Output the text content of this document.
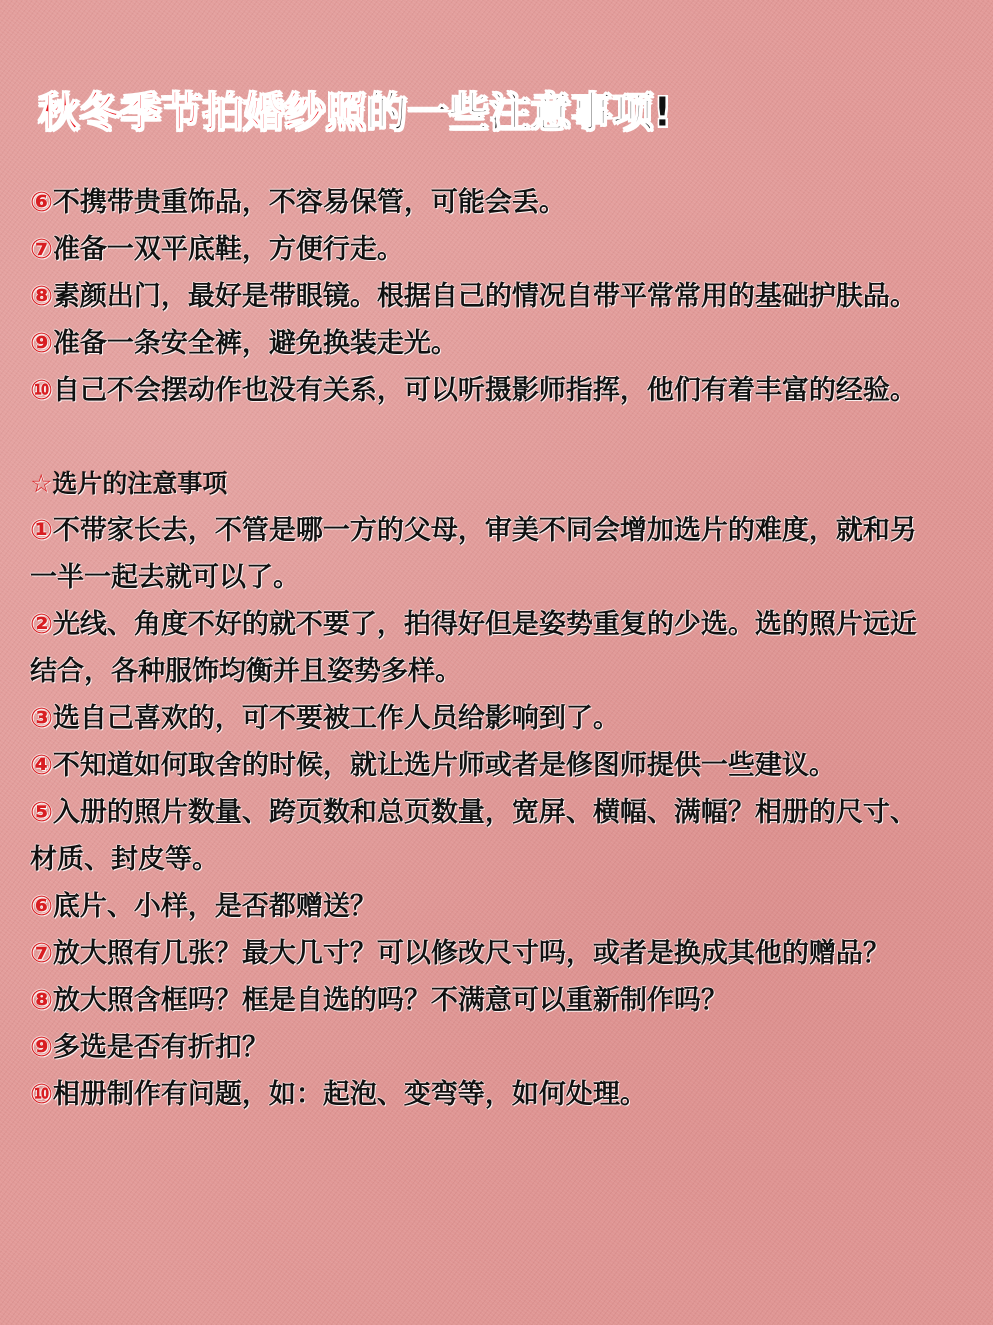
秋冬季节拍婚纱照的一些注意事项!

⑥不携带贵重饰品，不容易保管，可能会丢。

⑦准备一双平底鞋，方便行走。

⑧素颜出门，最好是带眼镜。根据自己的情况自带平常常用的基础护肤品。

⑨准备一条安全裤，避免换装走光。

⑩自己不会摆动作也没有关系，可以听摄影师指挥，他们有着丰富的经验。

☆选片的注意事项

①不带家长去，不管是哪一方的父母，审美不同会增加选片的难度，就和另一半一起去就可以了。

②光线、角度不好的就不要了，拍得好但是姿势重复的少选。选的照片远近结合，各种服饰均衡并且姿势多样。

③选自己喜欢的，可不要被工作人员给影响到了。

④不知道如何取舍的时候，就让选片师或者是修图师提供一些建议。

⑤入册的照片数量、跨页数和总页数量，宽屏、横幅、满幅？相册的尺寸、材质、封皮等。

⑥底片、小样，是否都赠送？

⑦放大照有几张？最大几寸？可以修改尺寸吗，或者是换成其他的赠品？

⑧放大照含框吗？框是自选的吗？不满意可以重新制作吗？

⑨多选是否有折扣？

⑩相册制作有问题，如：起泡、变弯等，如何处理。
